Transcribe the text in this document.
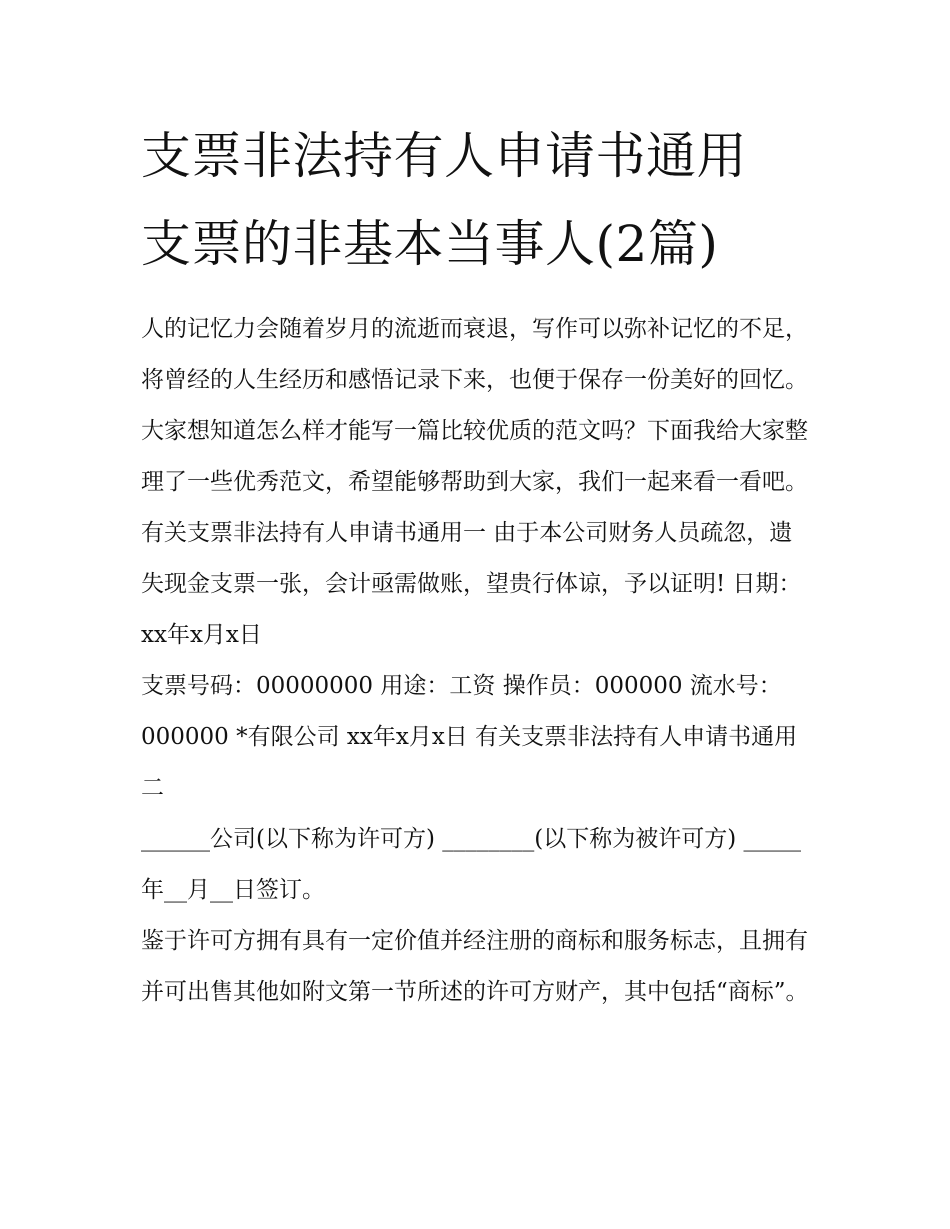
支票非法持有人申请书通用 支票的非基本当事人(2篇)

人的记忆力会随着岁月的流逝而衰退，写作可以弥补记忆的不足，将曾经的人生经历和感悟记录下来，也便于保存一份美好的回忆。大家想知道怎么样才能写一篇比较优质的范文吗？下面我给大家整理了一些优秀范文，希望能够帮助到大家，我们一起来看一看吧。

有关支票非法持有人申请书通用一 由于本公司财务人员疏忽，遗失现金支票一张，会计亟需做账，望贵行体谅，予以证明! 日期：xx年x月x日

支票号码：00000000 用途：工资 操作员：000000 流水号：000000 *有限公司 xx年x月x日 有关支票非法持有人申请书通用二

______公司(以下称为许可方) ________(以下称为被许可方) _____年__月__日签订。

鉴于许可方拥有具有一定价值并经注册的商标和服务标志，且拥有并可出售其他如附文第一节所述的许可方财产，其中包括“商标”。
